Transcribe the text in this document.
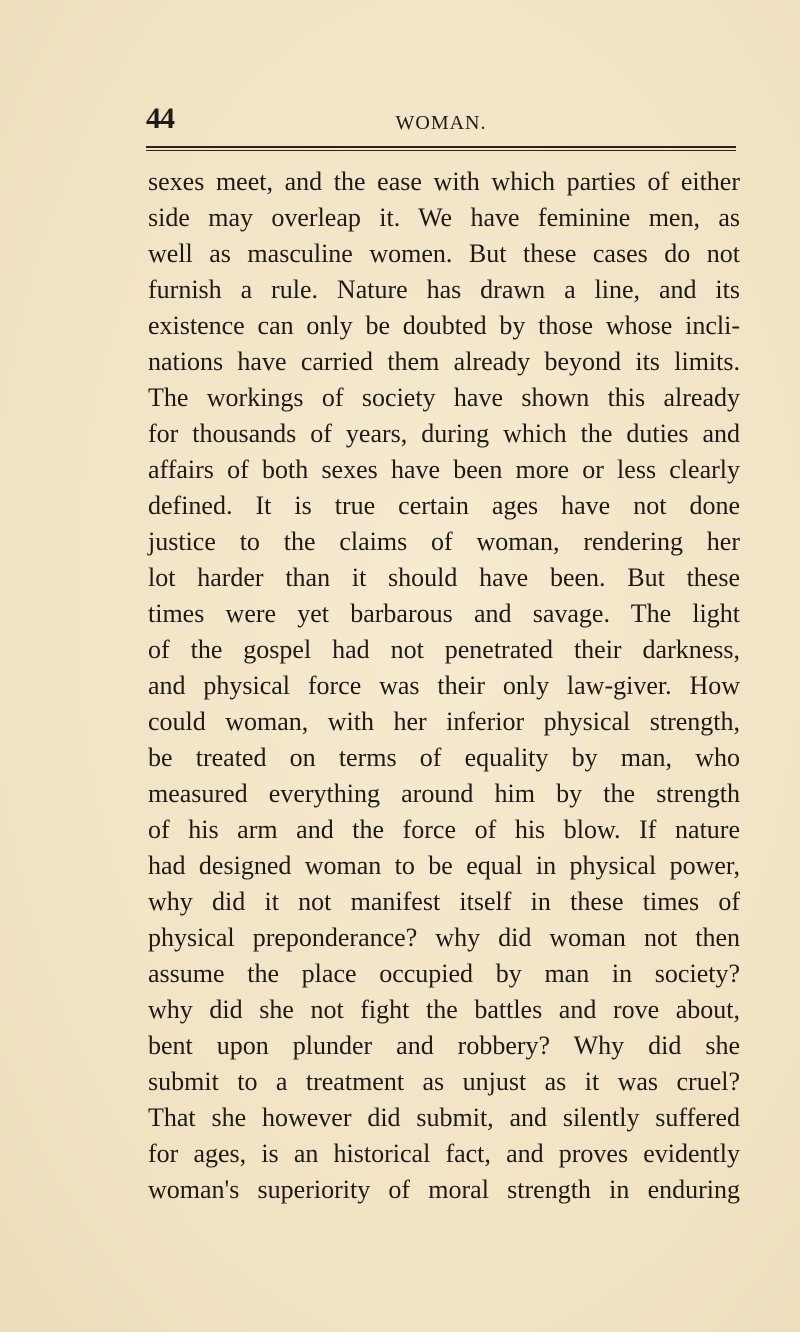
44	WOMAN.
sexes meet, and the ease with which parties of either
side may overleap it. We have feminine men, as
well as masculine women. But these cases do not
furnish a rule. Nature has drawn a line, and its
existence can only be doubted by those whose incli-
nations have carried them already beyond its limits.
The workings of society have shown this already
for thousands of years, during which the duties and
affairs of both sexes have been more or less clearly
defined. It is true certain ages have not done
justice to the claims of woman, rendering her
lot harder than it should have been. But these
times were yet barbarous and savage. The light
of the gospel had not penetrated their darkness,
and physical force was their only law-giver. How
could woman, with her inferior physical strength,
be treated on terms of equality by man, who
measured everything around him by the strength
of his arm and the force of his blow. If nature
had designed woman to be equal in physical power,
why did it not manifest itself in these times of
physical preponderance? why did woman not then
assume the place occupied by man in society?
why did she not fight the battles and rove about,
bent upon plunder and robbery? Why did she
submit to a treatment as unjust as it was cruel?
That she however did submit, and silently suffered
for ages, is an historical fact, and proves evidently
woman's superiority of moral strength in enduring
